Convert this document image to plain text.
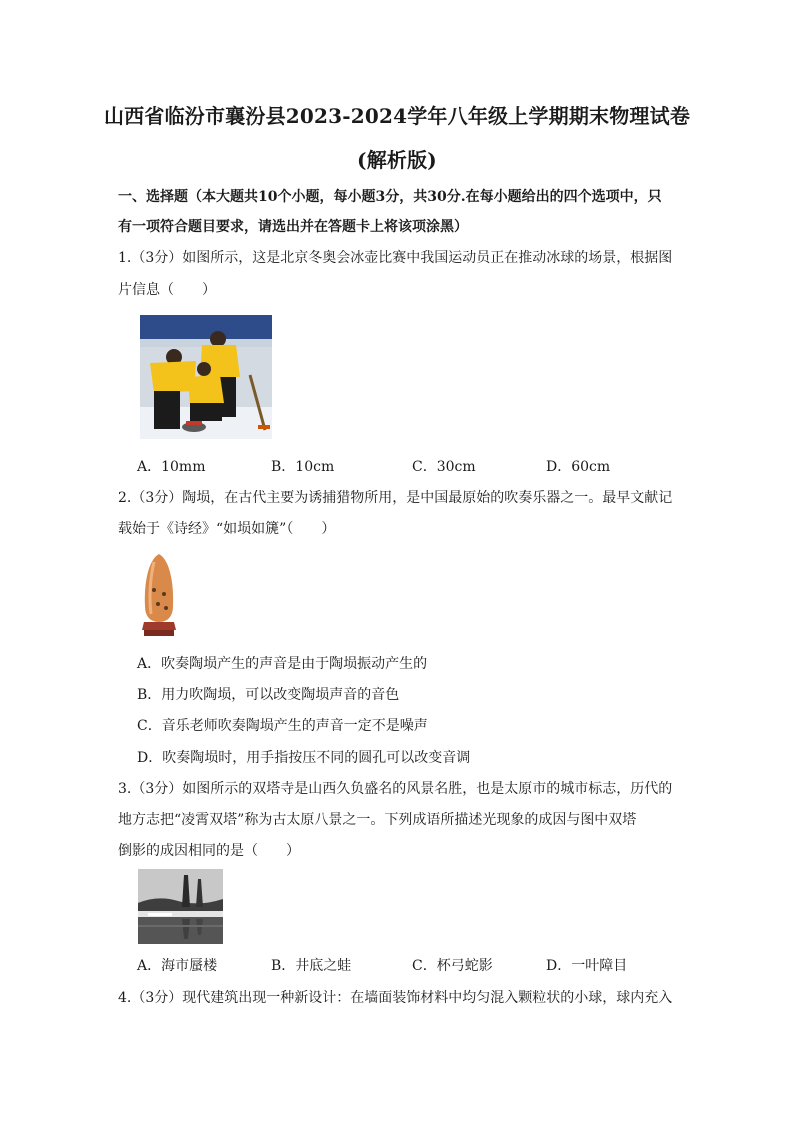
山西省临汾市襄汾县2023-2024学年八年级上学期期末物理试卷
(解析版)
一、选择题（本大题共10个小题，每小题3分，共30分.在每小题给出的四个选项中，只
有一项符合题目要求，请选出并在答题卡上将该项涂黑）
1.（3分）如图所示，这是北京冬奥会冰壶比赛中我国运动员正在推动冰球的场景，根据图
片信息（　　）
A．10mm	B．10cm	C．30cm	D．60cm
2.（3分）陶埙，在古代主要为诱捕猎物所用，是中国最原始的吹奏乐器之一。最早文献记
载始于《诗经》“如埙如篪”（　　）
A．吹奏陶埙产生的声音是由于陶埙振动产生的
B．用力吹陶埙，可以改变陶埙声音的音色
C．音乐老师吹奏陶埙产生的声音一定不是噪声
D．吹奏陶埙时，用手指按压不同的圆孔可以改变音调
3.（3分）如图所示的双塔寺是山西久负盛名的风景名胜，也是太原市的城市标志，历代的
地方志把“凌霄双塔”称为古太原八景之一。下列成语所描述光现象的成因与图中双塔
倒影的成因相同的是（　　）
A．海市蜃楼	B．井底之蛙	C．杯弓蛇影	D．一叶障目
4.（3分）现代建筑出现一种新设计：在墙面装饰材料中均匀混入颗粒状的小球，球内充入
